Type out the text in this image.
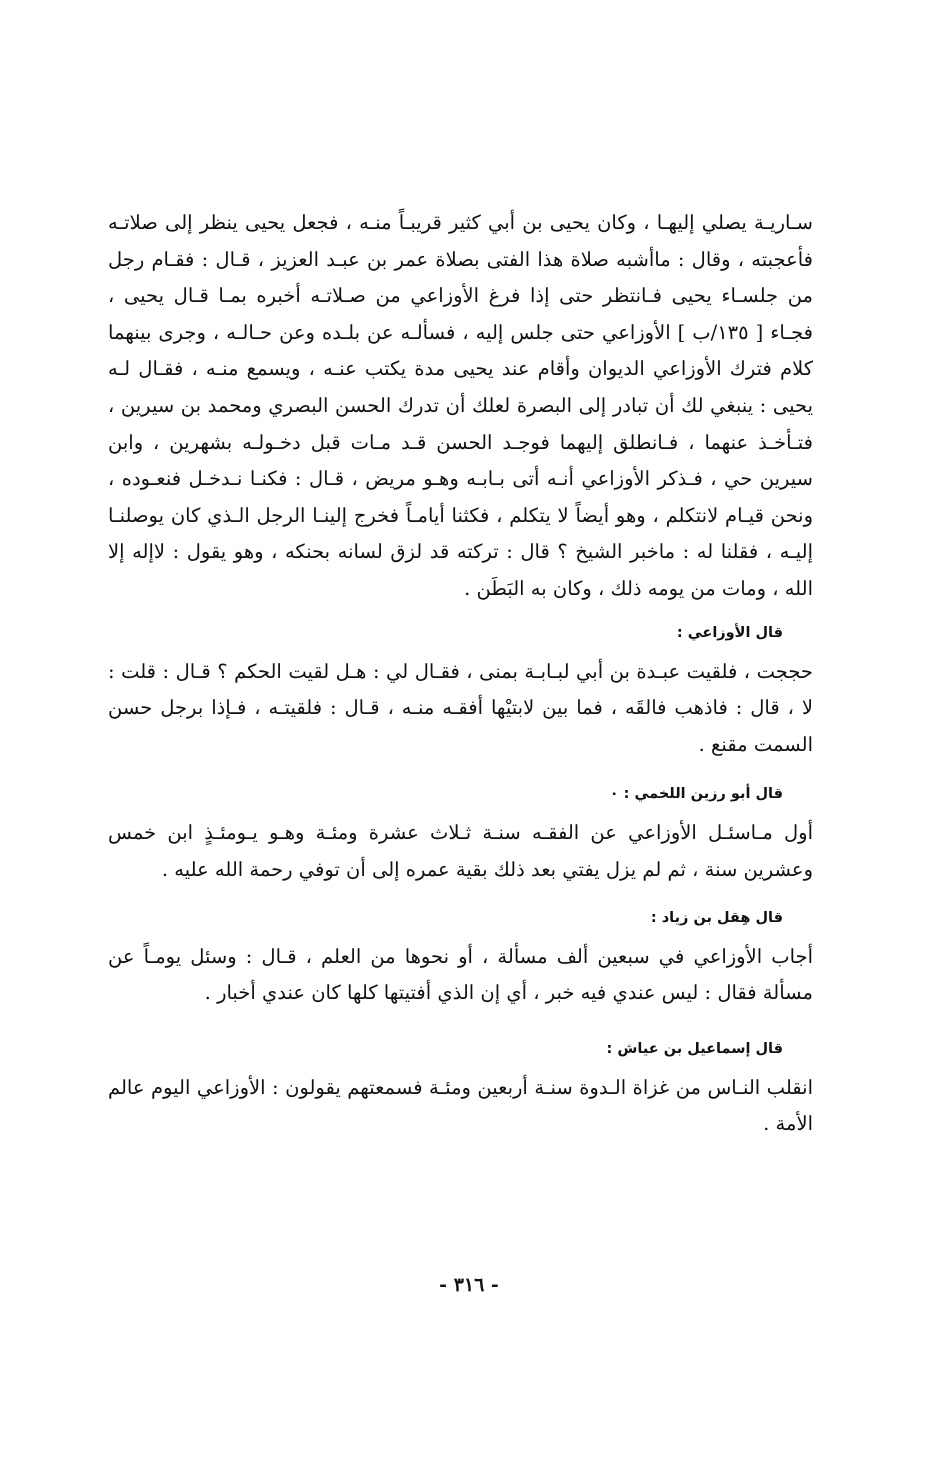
سـاريـة يصلي إليهـا ، وكان يحيى بن أبي كثير قريبـاً منـه ، فجعل يحيى ينظر إلى صلاتـه فأعجبته ، وقال : ماأشبه صلاة هذا الفتى بصلاة عمر بن عبـد العزيز ، قـال : فقـام رجل من جلسـاء يحيى فـانتظر حتى إذا فرغ الأوزاعي من صـلاتـه أخبره بمـا قـال يحيى ، فجـاء [ ١٣٥/ب ] الأوزاعي حتى جلس إليه ، فسألـه عن بلـده وعن حـالـه ، وجرى بينهما كلام فترك الأوزاعي الديوان وأقام عند يحيى مدة يكتب عنـه ، ويسمع منـه ، فقـال لـه يحيى : ينبغي لك أن تبادر إلى البصرة لعلك أن تدرك الحسن البصري ومحمد بن سيرين ، فتـأخـذ عنهما ، فـانطلق إليهما فوجـد الحسن قـد مـات قبل دخـولـه بشهرين ، وابن سيرين حي ، فـذكر الأوزاعي أنـه أتى بـابـه وهـو مريض ، قـال : فكنـا نـدخـل فنعـوده ، ونحن قيـام لانتكلم ، وهو أيضاً لا يتكلم ، فكثنا أيامـاً فخرج إلينـا الرجل الـذي كان يوصلنـا إليـه ، فقلنا له : ماخبر الشيخ ؟ قال : تركته قد لزق لسانه بحنكه ، وهو يقول : لاإله إلا الله ، ومات من يومه ذلك ، وكان به البَطَن .

قال الأوزاعي :

حججت ، فلقيت عبـدة بن أبي لبـابـة بمنى ، فقـال لي : هـل لقيت الحكم ؟ قـال : قلت : لا ، قال : فاذهب فالقَه ، فما بين لابتيْها أفقـه منـه ، قـال : فلقيتـه ، فـإذا برجل حسن السمت مقنع .

قال أبو رزين اللخمي : ٠

أول مـاسئـل الأوزاعي عن الفقـه سنـة ثـلاث عشرة ومئـة وهـو يـومئـذٍ ابن خمس وعشرين سنة ، ثم لم يزل يفتي بعد ذلك بقية عمره إلى أن توفي رحمة الله عليه .

قال هِقل بن زياد :

أجاب الأوزاعي في سبعين ألف مسألة ، أو نحوها من العلم ، قـال : وسئل يومـاً عن مسألة فقال : ليس عندي فيه خبر ، أي إن الذي أفتيتها كلها كان عندي أخبار .

قال إسماعيل بن عياش :

انقلب النـاس من غزاة الـدوة سنـة أربعين ومئـة فسمعتهم يقولون : الأوزاعي اليوم عالم الأمة .

- ٣١٦ -
